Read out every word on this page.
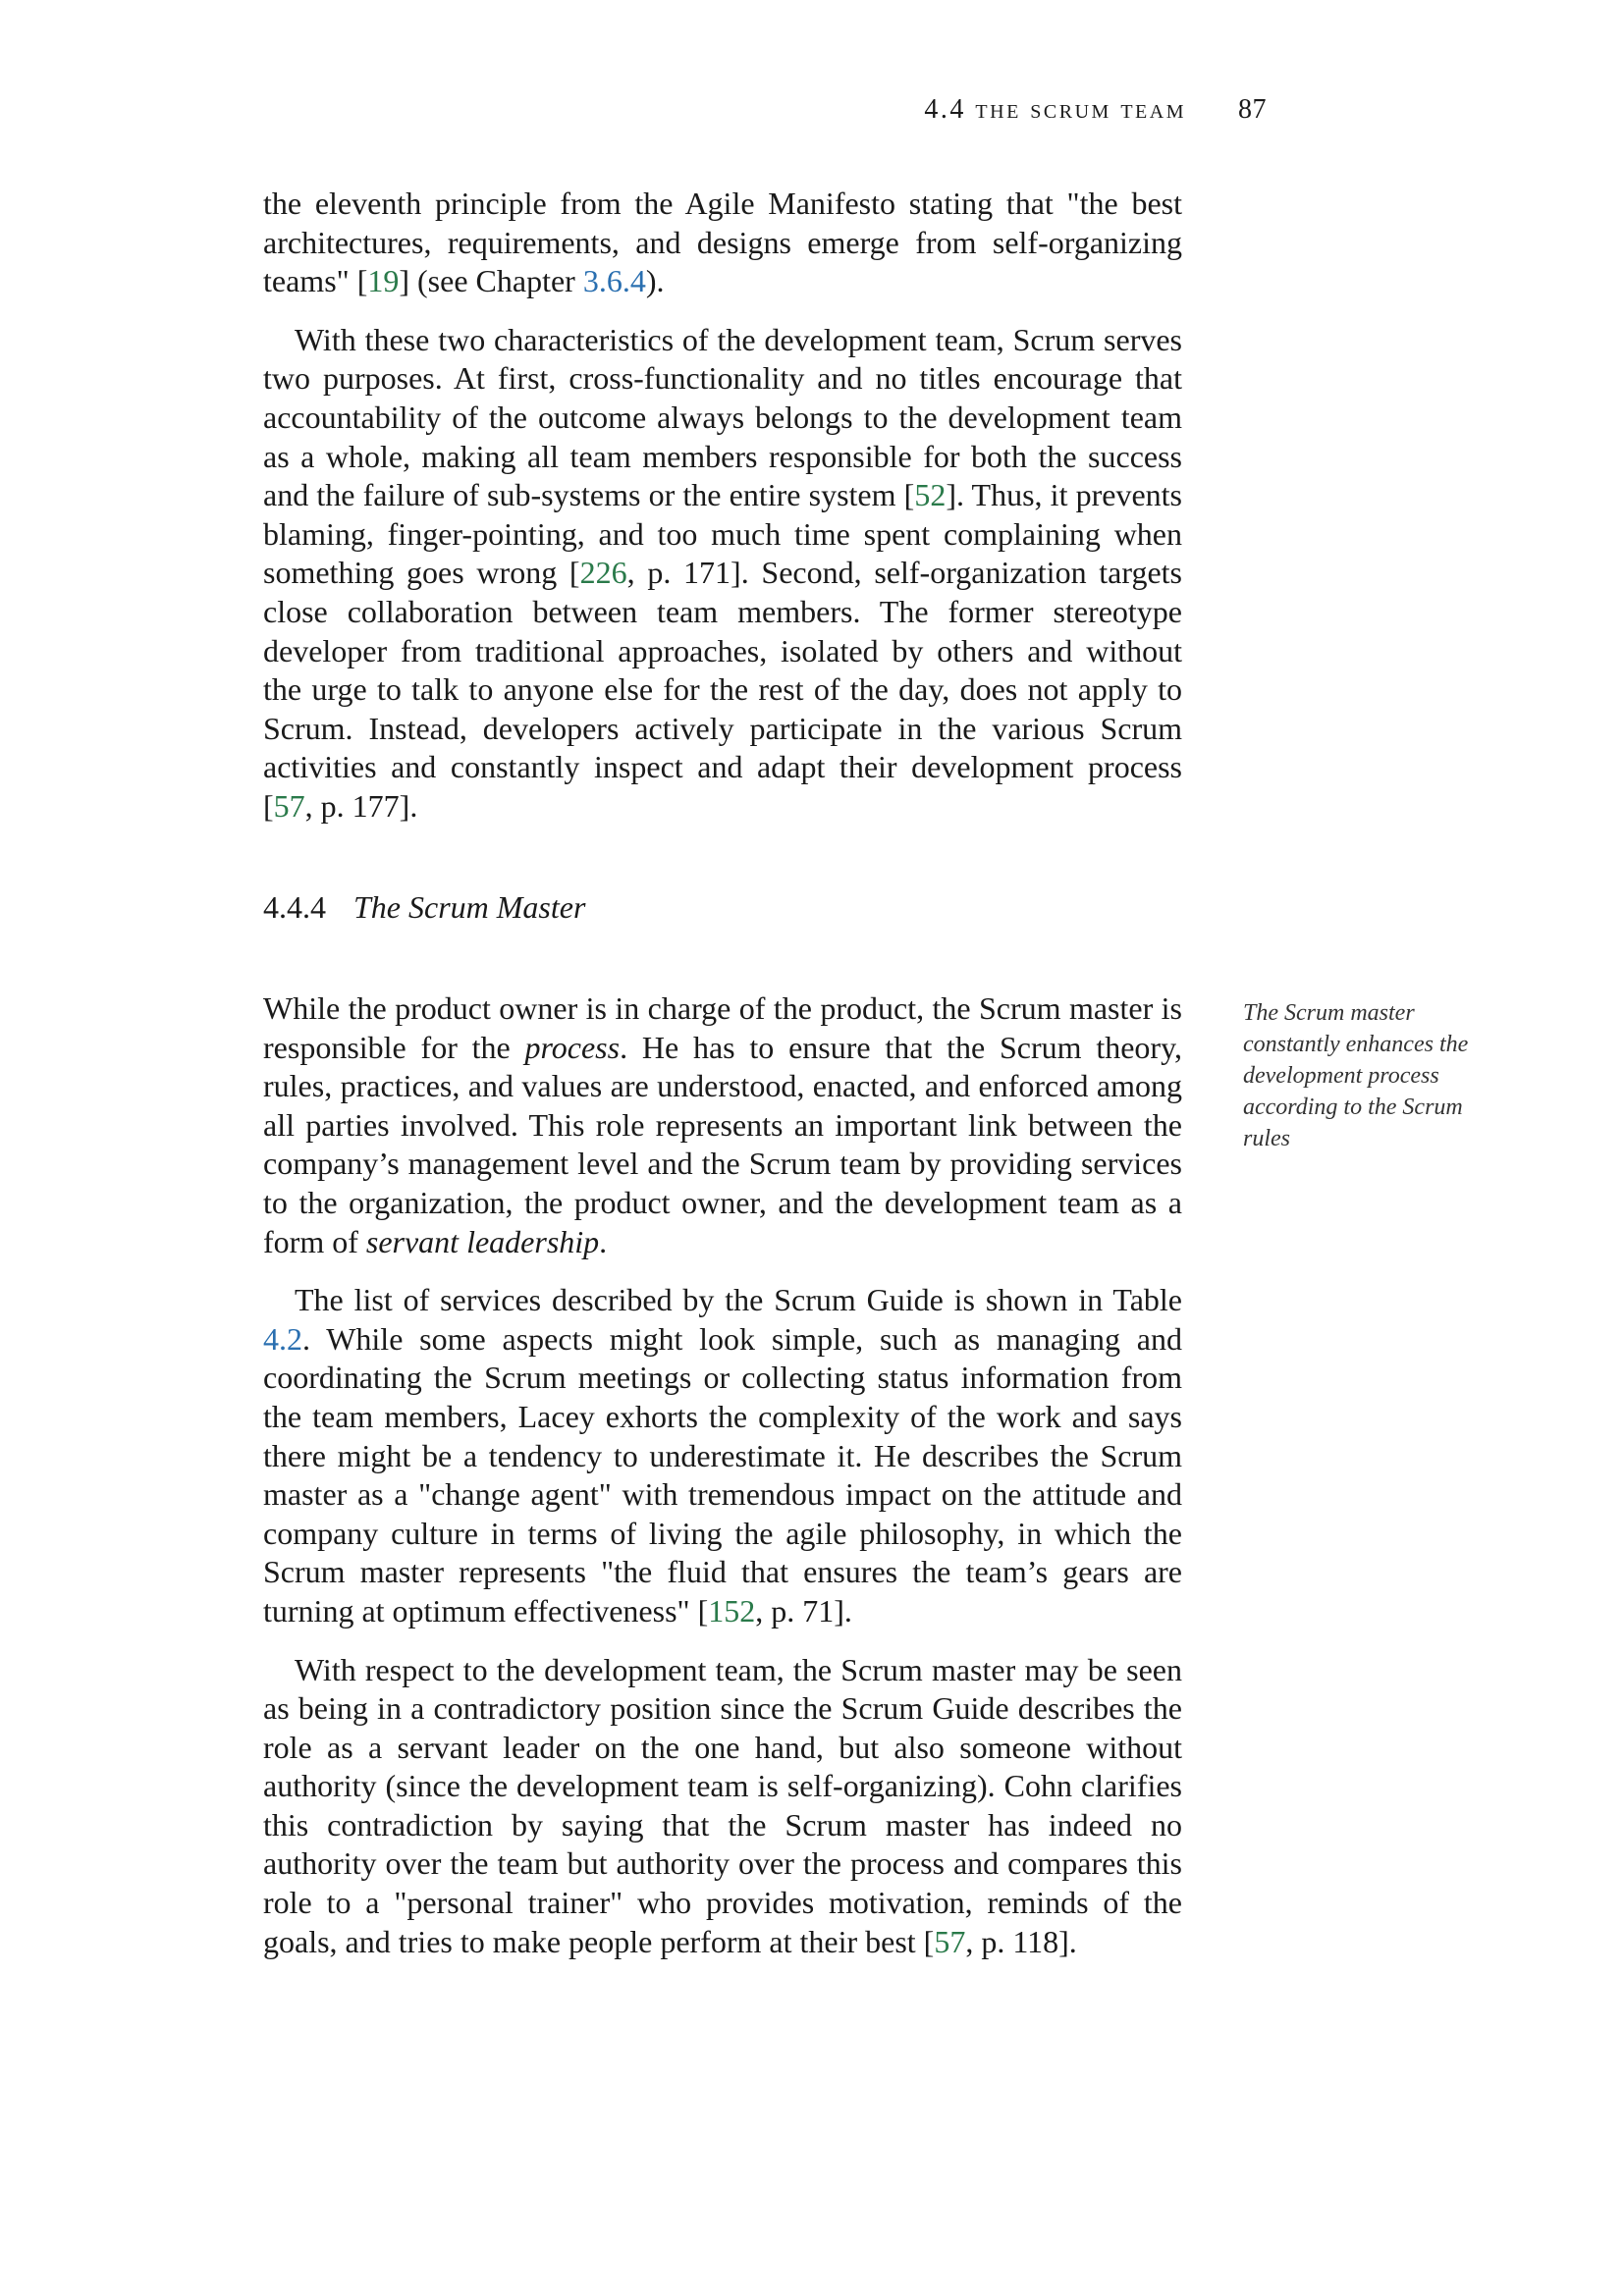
4.4 the scrum team 87

the eleventh principle from the Agile Manifesto stating that "the best architectures, requirements, and designs emerge from self-organizing teams" [19] (see Chapter 3.6.4).

With these two characteristics of the development team, Scrum serves two purposes. At first, cross-functionality and no titles encourage that accountability of the outcome always belongs to the development team as a whole, making all team members responsible for both the success and the failure of sub-systems or the entire system [52]. Thus, it prevents blaming, finger-pointing, and too much time spent complaining when something goes wrong [226, p. 171]. Second, self-organization targets close collaboration between team members. The former stereotype developer from traditional approaches, isolated by others and without the urge to talk to anyone else for the rest of the day, does not apply to Scrum. Instead, developers actively participate in the various Scrum activities and constantly inspect and adapt their development process [57, p. 177].

4.4.4 The Scrum Master
The Scrum master constantly enhances the development process according to the Scrum rules

While the product owner is in charge of the product, the Scrum master is responsible for the process. He has to ensure that the Scrum theory, rules, practices, and values are understood, enacted, and enforced among all parties involved. This role represents an important link between the company’s management level and the Scrum team by providing services to the organization, the product owner, and the development team as a form of servant leadership.

The list of services described by the Scrum Guide is shown in Table 4.2. While some aspects might look simple, such as managing and coordinating the Scrum meetings or collecting status information from the team members, Lacey exhorts the complexity of the work and says there might be a tendency to underestimate it. He describes the Scrum master as a "change agent" with tremendous impact on the attitude and company culture in terms of living the agile philosophy, in which the Scrum master represents "the fluid that ensures the team’s gears are turning at optimum effectiveness" [152, p. 71].

With respect to the development team, the Scrum master may be seen as being in a contradictory position since the Scrum Guide describes the role as a servant leader on the one hand, but also someone without authority (since the development team is self-organizing). Cohn clarifies this contradiction by saying that the Scrum master has indeed no authority over the team but authority over the process and compares this role to a "personal trainer" who provides motivation, reminds of the goals, and tries to make people perform at their best [57, p. 118].
